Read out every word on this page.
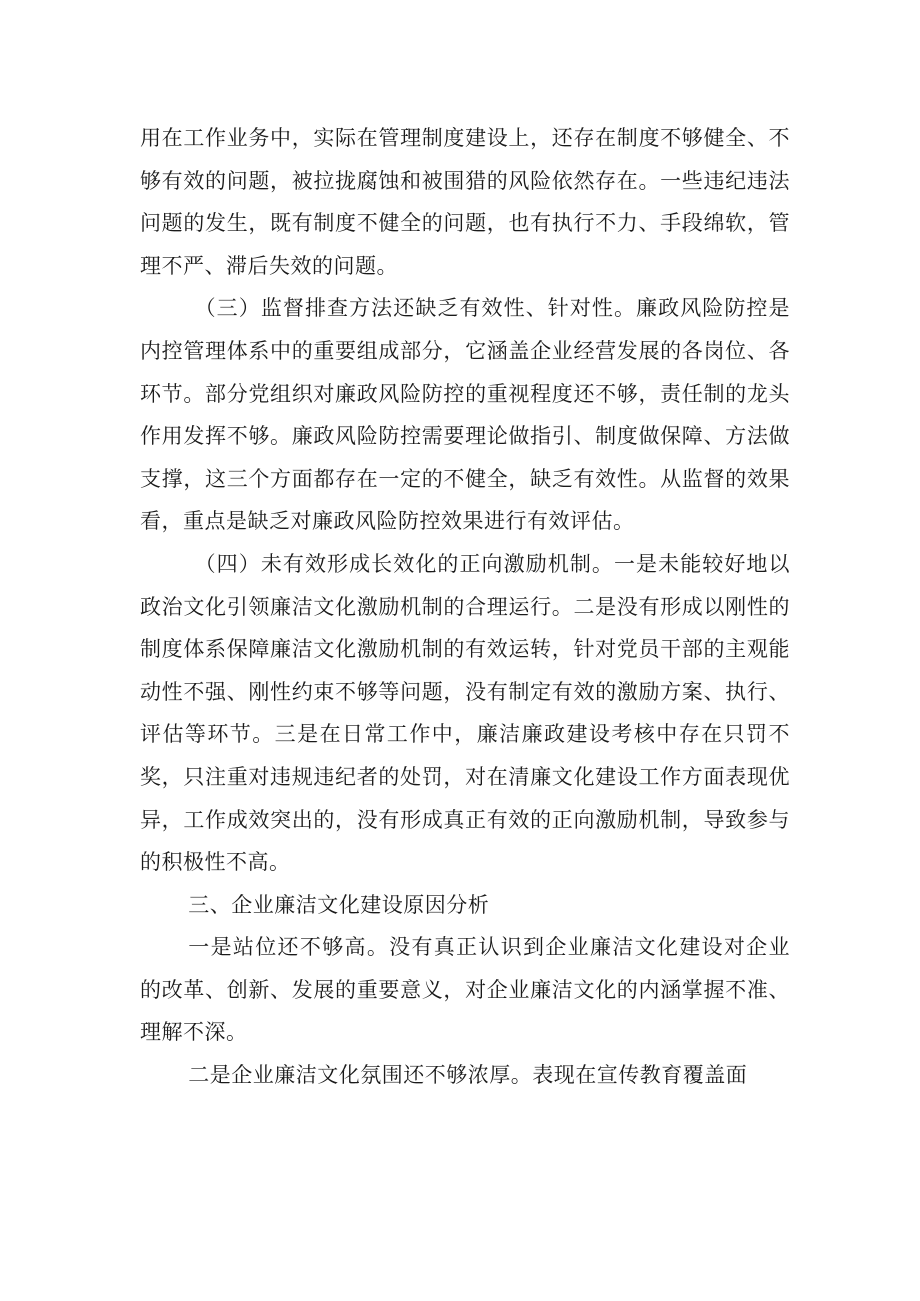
用在工作业务中，实际在管理制度建设上，还存在制度不够健全、不够有效的问题，被拉拢腐蚀和被围猎的风险依然存在。一些违纪违法问题的发生，既有制度不健全的问题，也有执行不力、手段绵软，管理不严、滞后失效的问题。

（三）监督排查方法还缺乏有效性、针对性。廉政风险防控是内控管理体系中的重要组成部分，它涵盖企业经营发展的各岗位、各环节。部分党组织对廉政风险防控的重视程度还不够，责任制的龙头作用发挥不够。廉政风险防控需要理论做指引、制度做保障、方法做支撑，这三个方面都存在一定的不健全，缺乏有效性。从监督的效果看，重点是缺乏对廉政风险防控效果进行有效评估。

（四）未有效形成长效化的正向激励机制。一是未能较好地以政治文化引领廉洁文化激励机制的合理运行。二是没有形成以刚性的制度体系保障廉洁文化激励机制的有效运转，针对党员干部的主观能动性不强、刚性约束不够等问题，没有制定有效的激励方案、执行、评估等环节。三是在日常工作中，廉洁廉政建设考核中存在只罚不奖，只注重对违规违纪者的处罚，对在清廉文化建设工作方面表现优异，工作成效突出的，没有形成真正有效的正向激励机制，导致参与的积极性不高。

三、企业廉洁文化建设原因分析

一是站位还不够高。没有真正认识到企业廉洁文化建设对企业的改革、创新、发展的重要意义，对企业廉洁文化的内涵掌握不准、理解不深。

二是企业廉洁文化氛围还不够浓厚。表现在宣传教育覆盖面
